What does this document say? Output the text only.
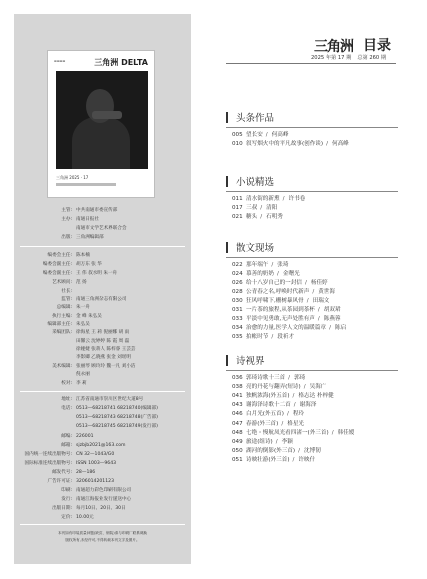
▬▬▬▬	三角洲 DELTA
三角洲 2025 · 17
主管: 中共南通市委宣传部
主办: 南通日报社
南通市文学艺术界联合会
出版: 三角洲编辑部
编委会主任: 陈本楠
编委会副主任: 胡万东 张 华
编委会副主任: 王 伟 叔水明 朱一舟
艺术顾问: 范 扬
社长:
监管: 南通三角洲杂志有限公司
总编辑: 朱一舟
执行主编: 金 峰 朱弘吴
编辑部主任: 朱弘吴
采编团队: 徐海星 王 莉 倪丽娜 胡 雨
田馨云 沈婷婷 陈 霞 周 磊
徐娅婕 张蒋人 陈梓睿 王芸芸
李影卿 乙晓燕 张金 刘瑶明
美术编辑: 张丽琴 顾玲玲 魏一凡 刘小洁
倪永丽
校对: 李 莉
地址: 江苏省南通市崇川区世纪大道8号
电话: 0513—68218741 68218740(编辑部)
0513—68218743 68218748(广告部)
0513—68218745 68218749(发行部)
邮编: 226001
邮箱: sjzbjb2021@163.com
国内统一连续出版物号: CN 32—1043/G0
国际标准连续出版物号: ISSN 1003—9643
邮发代号: 28—186
广告许可证: 3206014201123
印刷: 南通超力彩色印刷有限公司
发行: 南通江海报业发行递送中心
出版日期: 每月10日、20日、30日
定价: 10.00元
本刊如有印装质量问题(缺页、倒装)请与印刷厂联系调换
版权所有,未经许可,不得转载本刊文字及图片。
三角洲 目录
2025 年第 17 期 总第 260 期
头条作品
005 望长安 / 何高峰
010 叙写烟火中的平凡故事(创作谈) / 何高峰
小说精选
011 清水街的新熏 / 许书卷
017 三叔 / 清阳
021 糖头 / 石明秀
散文现场
022 那年端午 / 张琦
024 慕善的奶奶 / 金曙光
026 给十八岁自己的一封信 / 杨佳婷
028 公青春之名,呼唤时代新声 / 黄世海
030 狂风呼啸下,栅树暴风骨 / 田瑞文
031 一片茶的旅程,从茶园到茶杯 / 胡双珺
033 平淡中见勇敢,无声处胜有声 / 陈燕蓉
034 治愈的力量,医学人文的温暖篇章 / 陈启
035 拍帐时节 / 段祈才
诗视界
036 郭琦诗歌十三首 / 郭琦
038 亮的丹花与翻弄(短诗) / 吴海广
041 独帆浓海(外五首) / 格志达 朴梓健
043 谢海泽诗歌十二首 / 谢海泽
046 白月光(外五首) / 程玲
047 春游(外三首) / 格星光
048 七绝・慢航凤光看四渚一(外三首) / 韩佳嫒
049 旅途(组诗) / 李颖
050 湖河的倒影(外三首) / 沈博韧
051 诗映壮游(外三首) / 许映什
